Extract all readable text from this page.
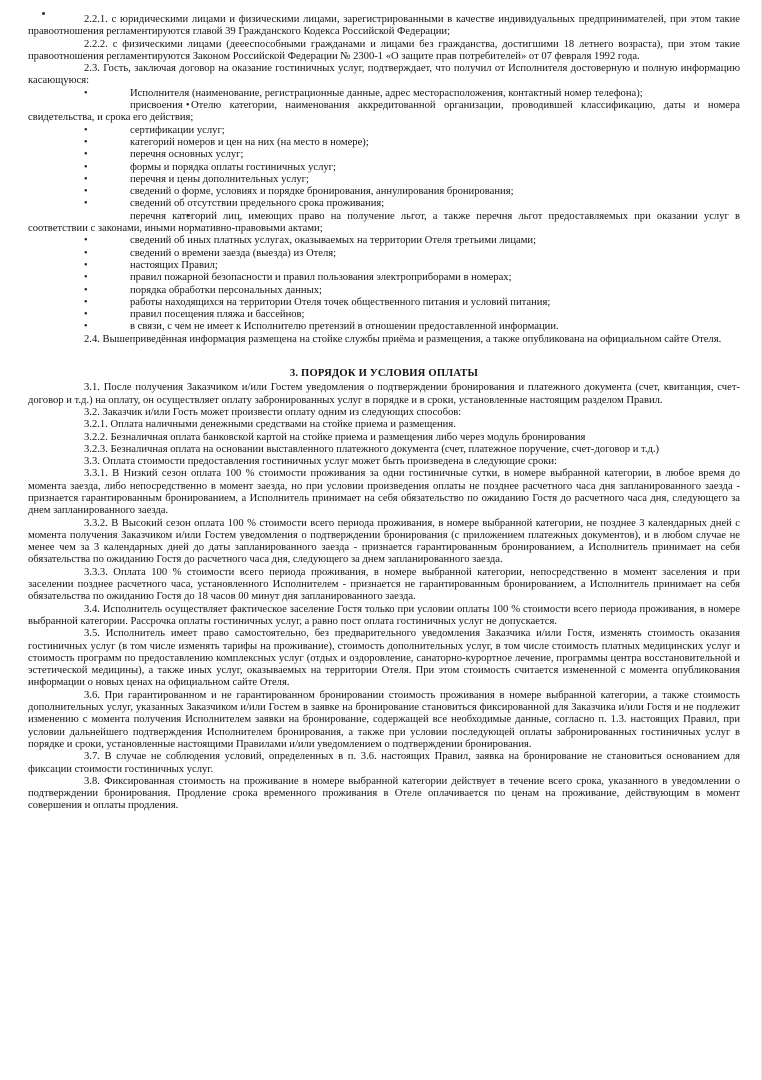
2.2.1. с юридическими лицами и физическими лицами, зарегистрированными в качестве индивидуальных предпринимателей, при этом такие правоотношения регламентируются главой 39 Гражданского Кодекса Российской Федерации;

2.2.2. с физическими лицами (деееспособными гражданами и лицами без гражданства, достигшими 18 летнего возраста), при этом такие правоотношения регламентируются Законом Российской Федерации № 2300-1 «О защите прав потребителей» от 07 февраля 1992 года.

2.3. Гость, заключая договор на оказание гостиничных услуг, подтверждает, что получил от Исполнителя достоверную и полную информацию касающуюся:

• Исполнителя (наименование, регистрационные данные, адрес месторасположения, контактный номер телефона);

• присвоения Отелю категории, наименования аккредитованной организации, проводившей классификацию, даты и номера свидетельства, и срока его действия;

• сертификации услуг;

• категорий номеров и цен на них (на место в номере);

• перечня основных услуг;

• формы и порядка оплаты гостиничных услуг;

• перечня и цены дополнительных услуг;

• сведений о форме, условиях и порядке бронирования, аннулирования бронирования;

• сведений об отсутствии предельного срока проживания;

• перечня категорий лиц, имеющих право на получение льгот, а также перечня льгот предоставляемых при оказании услуг в соответствии с законами, иными нормативно-правовыми актами;

• сведений об иных платных услугах, оказываемых на территории Отеля третьими лицами;

• сведений о времени заезда (выезда) из Отеля;

• настоящих Правил;

• правил пожарной безопасности и правил пользования электроприборами в номерах;

• порядка обработки персональных данных;

• работы находящихся на территории Отеля точек общественного питания и условий питания;

• правил посещения пляжа и бассейнов;

• в связи, с чем не имеет к Исполнителю претензий в отношении предоставленной информации.

2.4. Вышеприведённая информация размещена на стойке службы приёма и размещения, а также опубликована на официальном сайте Отеля.

3. ПОРЯДОК И УСЛОВИЯ ОПЛАТЫ

3.1. После получения Заказчиком и/или Гостем уведомления о подтверждении бронирования и платежного документа (счет, квитанция, счет-договор и т.д.) на оплату, он осуществляет оплату забронированных услуг в порядке и в сроки, установленные настоящим разделом Правил.

3.2. Заказчик и/или Гость может произвести оплату одним из следующих способов:

3.2.1. Оплата наличными денежными средствами на стойке приема и размещения.

3.2.2. Безналичная оплата банковской картой на стойке приема и размещения либо через модуль бронирования

3.2.3. Безналичная оплата на основании выставленного платежного документа (счет, платежное поручение, счет-договор и т.д.)

3.3. Оплата стоимости предоставления гостиничных услуг может быть произведена в следующие сроки:

3.3.1. В Низкий сезон оплата 100 % стоимости проживания за одни гостиничные сутки, в номере выбранной категории, в любое время до момента заезда, либо непосредственно в момент заезда, но при условии произведения оплаты не позднее расчетного часа дня запланированного заезда - признается гарантированным бронированием, а Исполнитель принимает на себя обязательство по ожиданию Гостя до расчетного часа дня, следующего за днем запланированного заезда.

3.3.2. В Высокий сезон оплата 100 % стоимости всего периода проживания, в номере выбранной категории, не позднее 3 календарных дней с момента получения Заказчиком и/или Гостем уведомления о подтверждении бронирования (с приложением платежных документов), и в любом случае не менее чем за 3 календарных дней до даты запланированного заезда - признается гарантированным бронированием, а Исполнитель принимает на себя обязательства по ожиданию Гостя до расчетного часа дня, следующего за днем запланированного заезда.

3.3.3. Оплата 100 % стоимости всего периода проживания, в номере выбранной категории, непосредственно в момент заселения и при заселении позднее расчетного часа, установленного Исполнителем - признается не гарантированным бронированием, а Исполнитель принимает на себя обязательства по ожиданию Гостя до 18 часов 00 минут дня запланированного заезда.

3.4. Исполнитель осуществляет фактическое заселение Гостя только при условии оплаты 100 % стоимости всего периода проживания, в номере выбранной категории. Рассрочка оплаты гостиничных услуг, а равно пост оплата гостиничных услуг не допускается.

3.5. Исполнитель имеет право самостоятельно, без предварительного уведомления Заказчика и/или Гостя, изменять стоимость оказания гостиничных услуг (в том числе изменять тарифы на проживание), стоимость дополнительных услуг, в том числе стоимость платных медицинских услуг и стоимость программ по предоставлению комплексных услуг (отдых и оздоровление, санаторно-курортное лечение, программы центра восстановительной и эстетической медицины), а также иных услуг, оказываемых на территории Отеля. При этом стоимость считается измененной с момента опубликования информации о новых ценах на официальном сайте Отеля.

3.6. При гарантированном и не гарантированном бронировании стоимость проживания в номере выбранной категории, а также стоимость дополнительных услуг, указанных Заказчиком и/или Гостем в заявке на бронирование становиться фиксированной для Заказчика и/или Гостя и не подлежит изменению с момента получения Исполнителем заявки на бронирование, содержащей все необходимые данные, согласно п. 1.3. настоящих Правил, при условии дальнейшего подтверждения Исполнителем бронирования, а также при условии последующей оплаты забронированных гостиничных услуг в порядке и сроки, установленные настоящими Правилами и/или уведомлением о подтверждении бронирования.

3.7. В случае не соблюдения условий, определенных в п. 3.6. настоящих Правил, заявка на бронирование не становиться основанием для фиксации стоимости гостиничных услуг.

3.8. Фиксированная стоимость на проживание в номере выбранной категории действует в течение всего срока, указанного в уведомлении о подтверждении бронирования. Продление срока временного проживания в Отеле оплачивается по ценам на проживание, действующим в момент совершения и оплаты продления.
